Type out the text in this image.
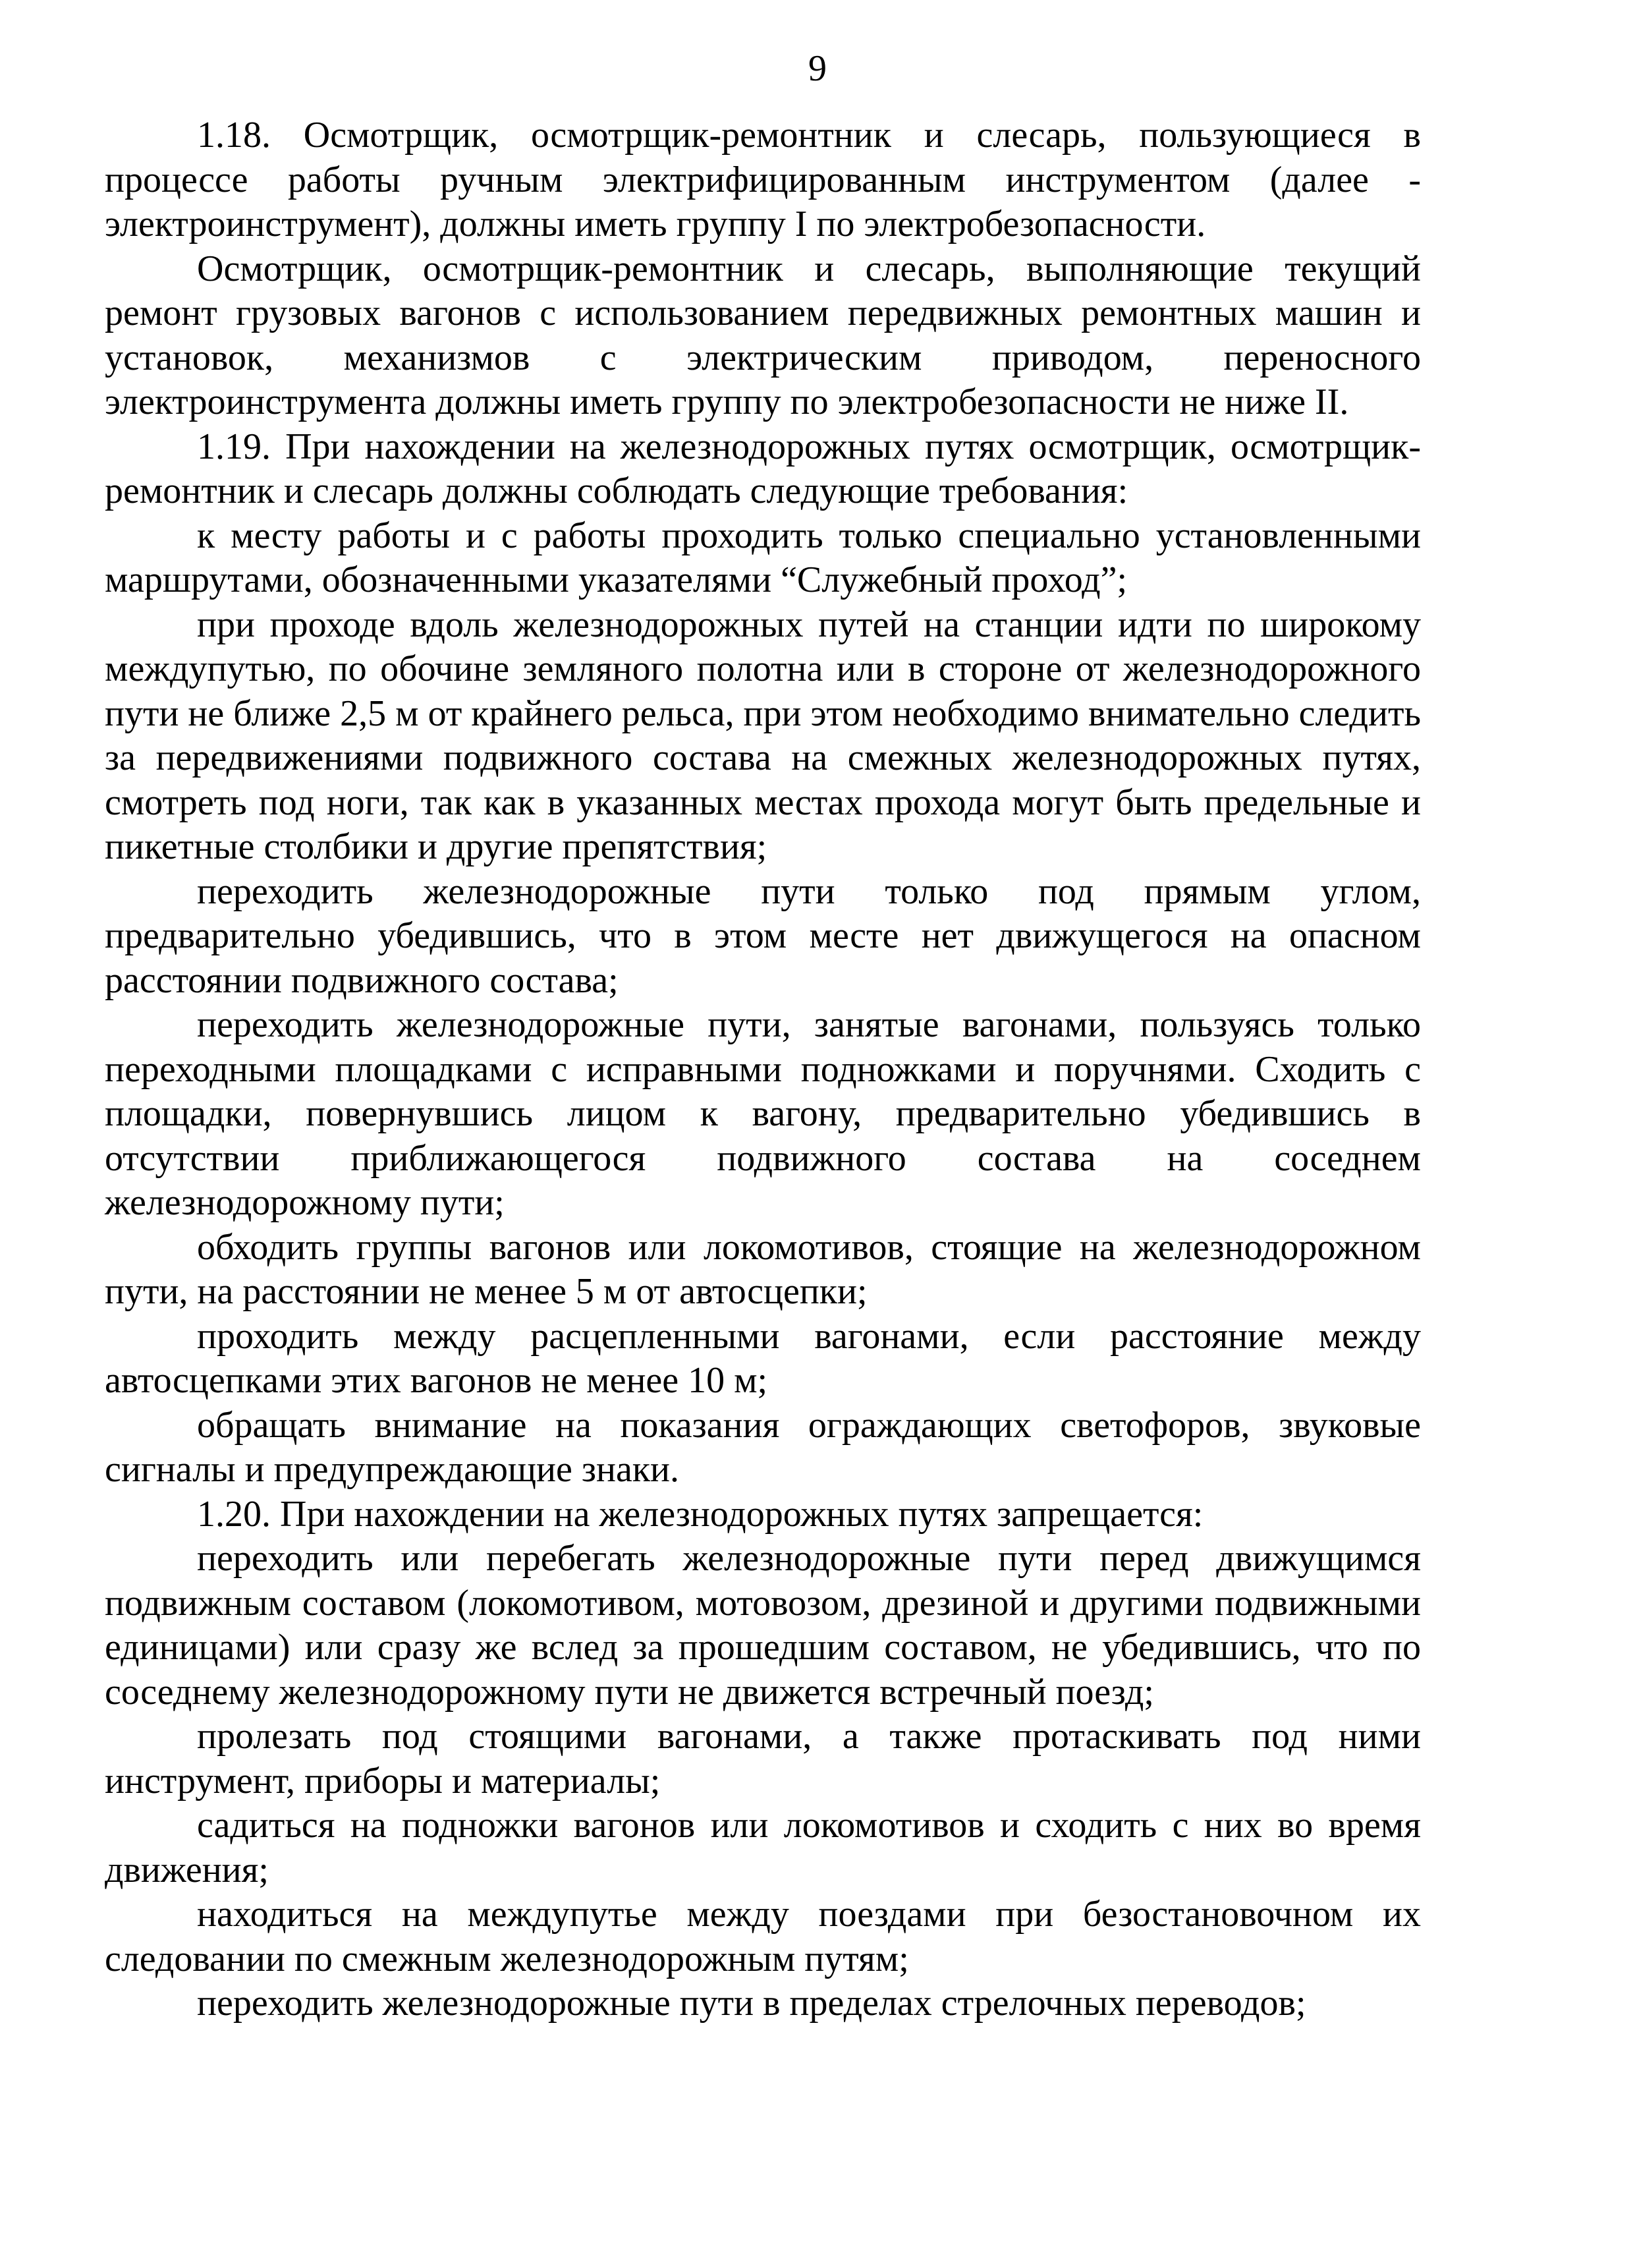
9

1.18. Осмотрщик, осмотрщик-ремонтник и слесарь, пользующиеся в процессе работы ручным электрифицированным инструментом (далее - электроинструмент), должны иметь группу I по электробезопасности.

Осмотрщик, осмотрщик-ремонтник и слесарь, выполняющие текущий ремонт грузовых вагонов с использованием передвижных ремонтных машин и установок, механизмов с электрическим приводом, переносного электроинструмента должны иметь группу по электробезопасности не ниже II.

1.19. При нахождении на железнодорожных путях осмотрщик, осмотрщик-ремонтник и слесарь должны соблюдать следующие требования:

к месту работы и с работы проходить только специально установленными маршрутами, обозначенными указателями “Служебный проход”;

при проходе вдоль железнодорожных путей на станции идти по широкому междупутью, по обочине земляного полотна или в стороне от железнодорожного пути не ближе 2,5 м от крайнего рельса, при этом необходимо внимательно следить за передвижениями подвижного состава на смежных железнодорожных путях, смотреть под ноги, так как в указанных местах прохода могут быть предельные и пикетные столбики и другие препятствия;

переходить железнодорожные пути только под прямым углом, предварительно убедившись, что в этом месте нет движущегося на опасном расстоянии подвижного состава;

переходить железнодорожные пути, занятые вагонами, пользуясь только переходными площадками с исправными подножками и поручнями. Сходить с площадки, повернувшись лицом к вагону, предварительно убедившись в отсутствии приближающегося подвижного состава на соседнем железнодорожному пути;

обходить группы вагонов или локомотивов, стоящие на железнодорожном пути, на расстоянии не менее 5 м от автосцепки;

проходить между расцепленными вагонами, если расстояние между автосцепками этих вагонов не менее 10 м;

обращать внимание на показания ограждающих светофоров, звуковые сигналы и предупреждающие знаки.

1.20. При нахождении на железнодорожных путях запрещается:

переходить или перебегать железнодорожные пути перед движущимся подвижным составом (локомотивом, мотовозом, дрезиной и другими подвижными единицами) или сразу же вслед за прошедшим составом, не убедившись, что по соседнему железнодорожному пути не движется встречный поезд;

пролезать под стоящими вагонами, а также протаскивать под ними инструмент, приборы и материалы;

садиться на подножки вагонов или локомотивов и сходить с них во время движения;

находиться на междупутье между поездами при безостановочном их следовании по смежным железнодорожным путям;

переходить железнодорожные пути в пределах стрелочных переводов;
